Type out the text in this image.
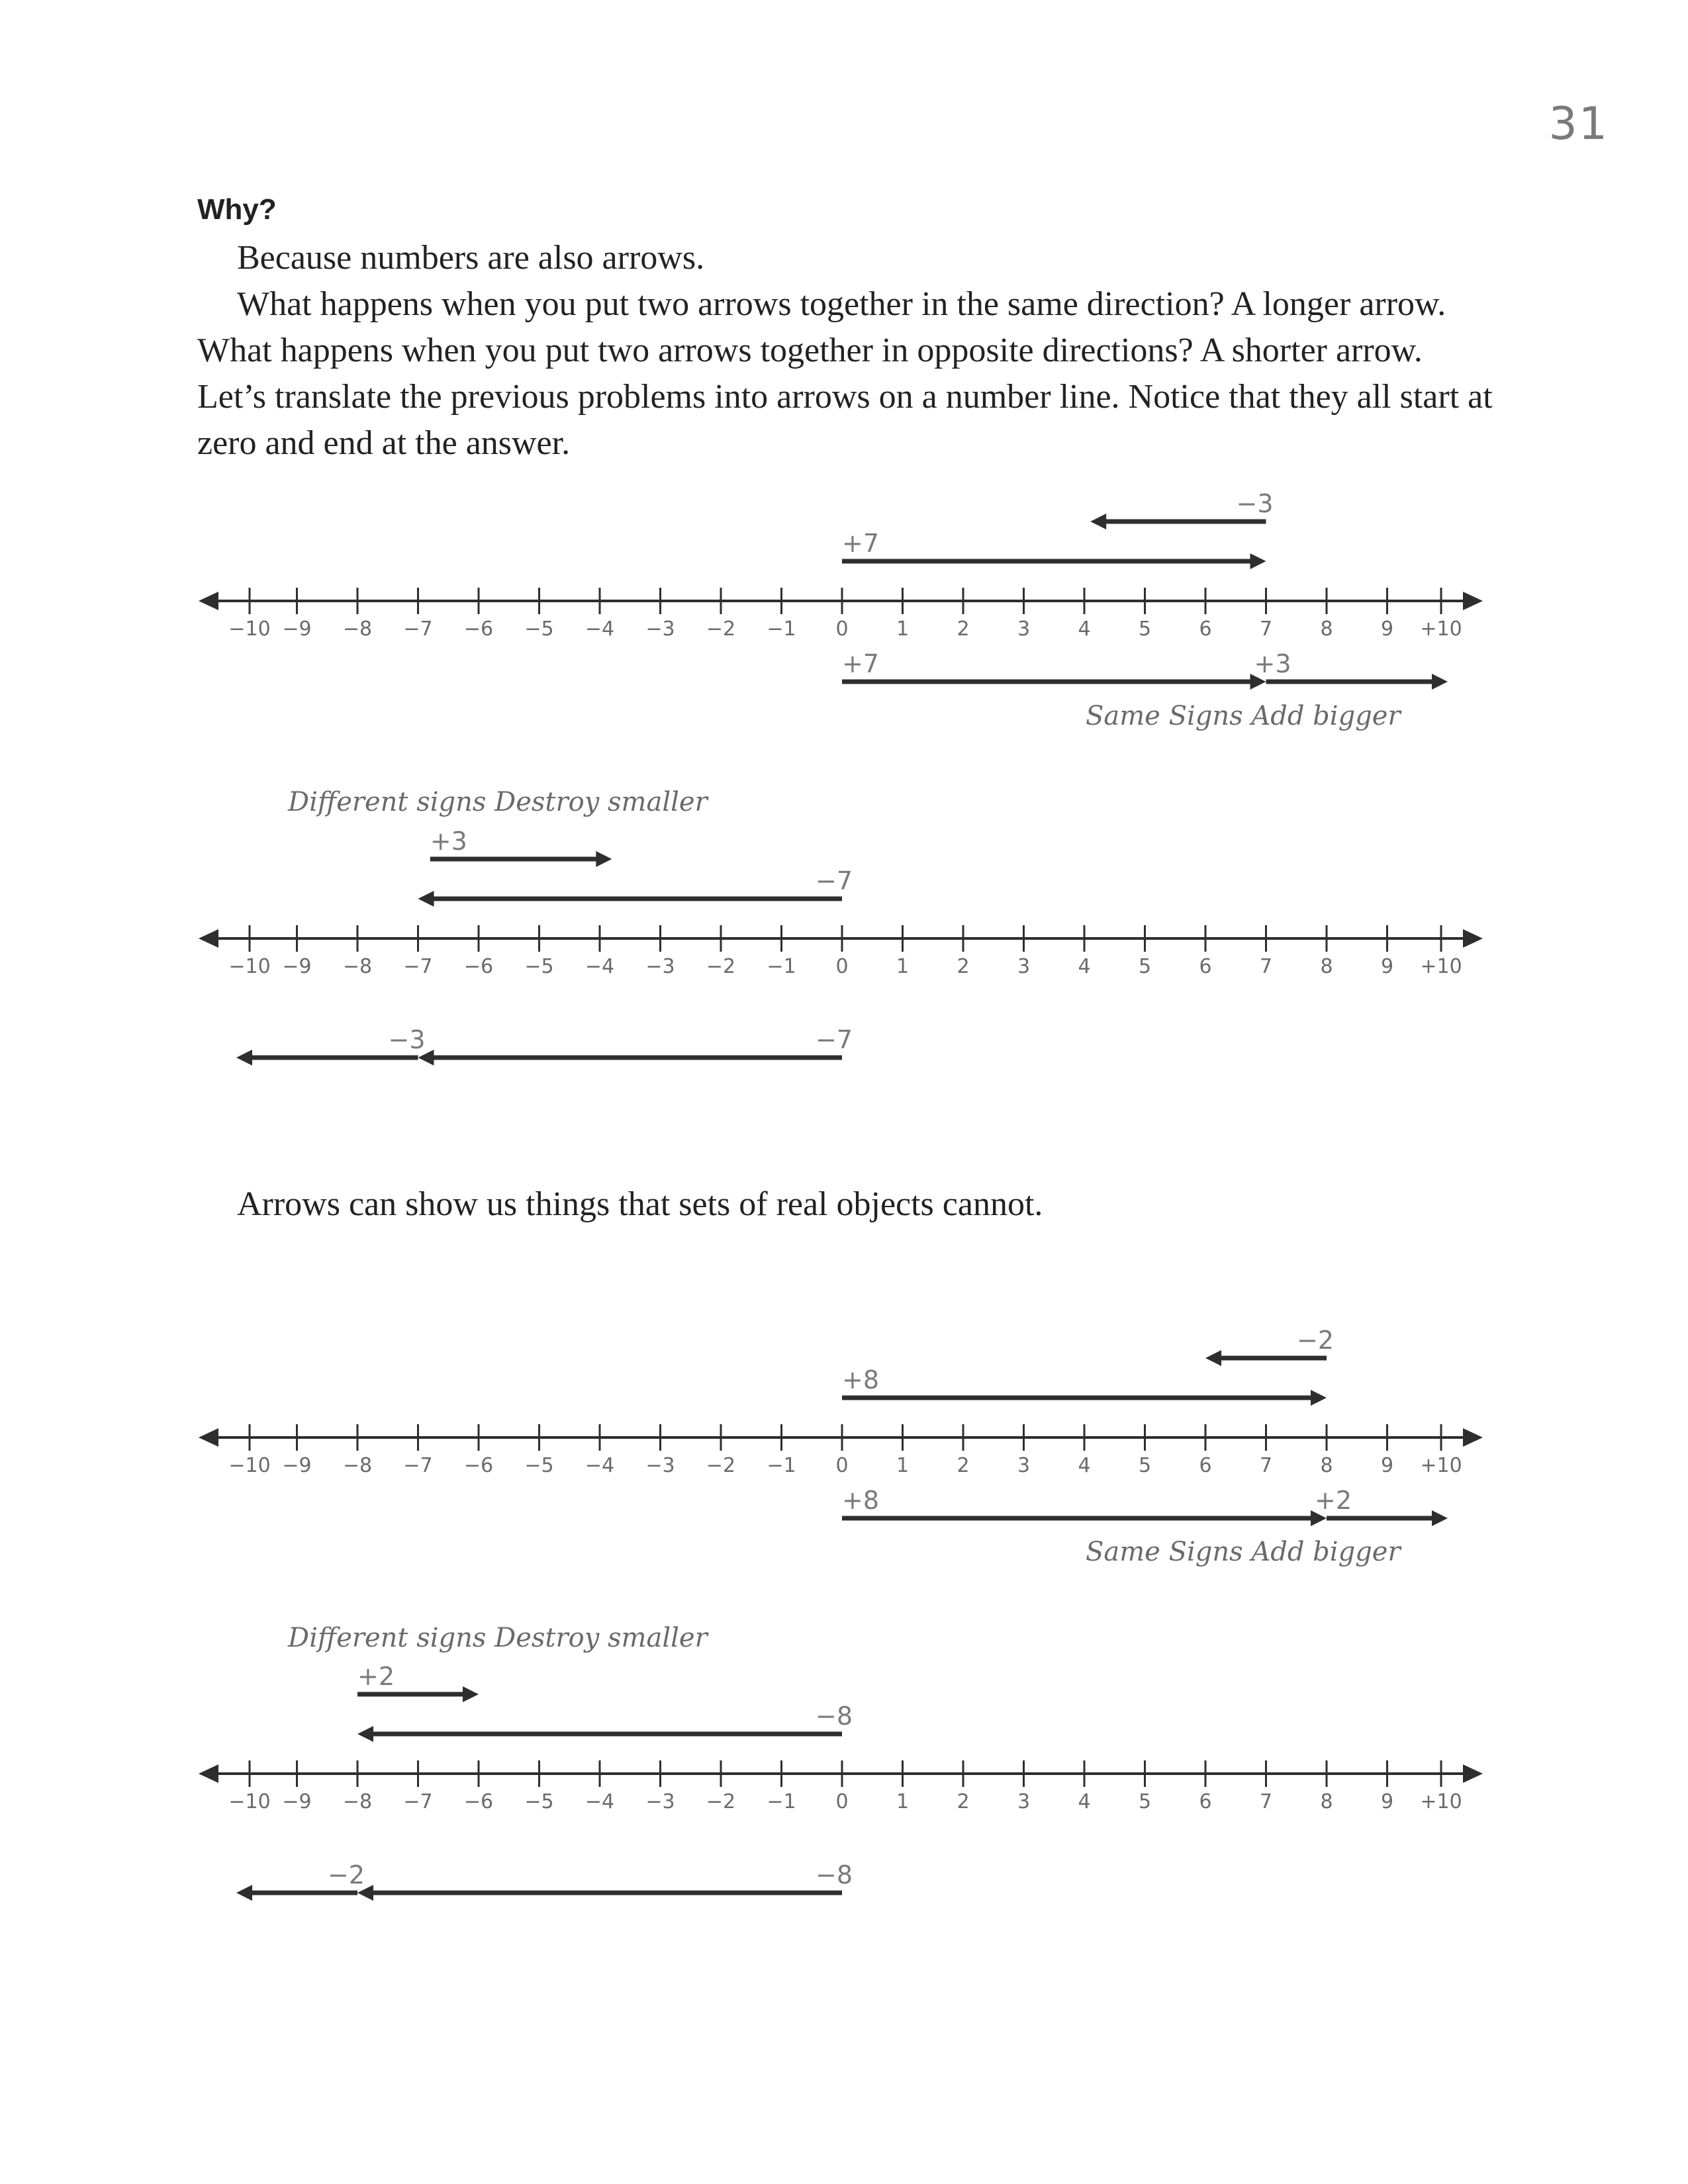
31
Why?
Because numbers are also arrows.
What happens when you put two arrows together in the same direction? A longer arrow. What happens when you put two arrows together in opposite directions? A shorter arrow. Let’s translate the previous problems into arrows on a number line. Notice that they all start at zero and end at the answer.
Arrows can show us things that sets of real objects cannot.
−10 −9 −8 −7 −6 −5 −4 −3 −2 −1 0 1 2 3 4 5 6 7 8 9 +10
−3
+7
+7	+3
Same Signs Add bigger
−10 −9 −8 −7 −6 −5 −4 −3 −2 −1 0 1 2 3 4 5 6 7 8 9 +10
Different signs Destroy smaller
+3
−7
−7
−3
−10 −9 −8 −7 −6 −5 −4 −3 −2 −1 0 1 2 3 4 5 6 7 8 9 +10
−2
+8
+8	+2
Same Signs Add bigger
−10 −9 −8 −7 −6 −5 −4 −3 −2 −1 0 1 2 3 4 5 6 7 8 9 +10
Different signs Destroy smaller
+2
−8
−8
−2
